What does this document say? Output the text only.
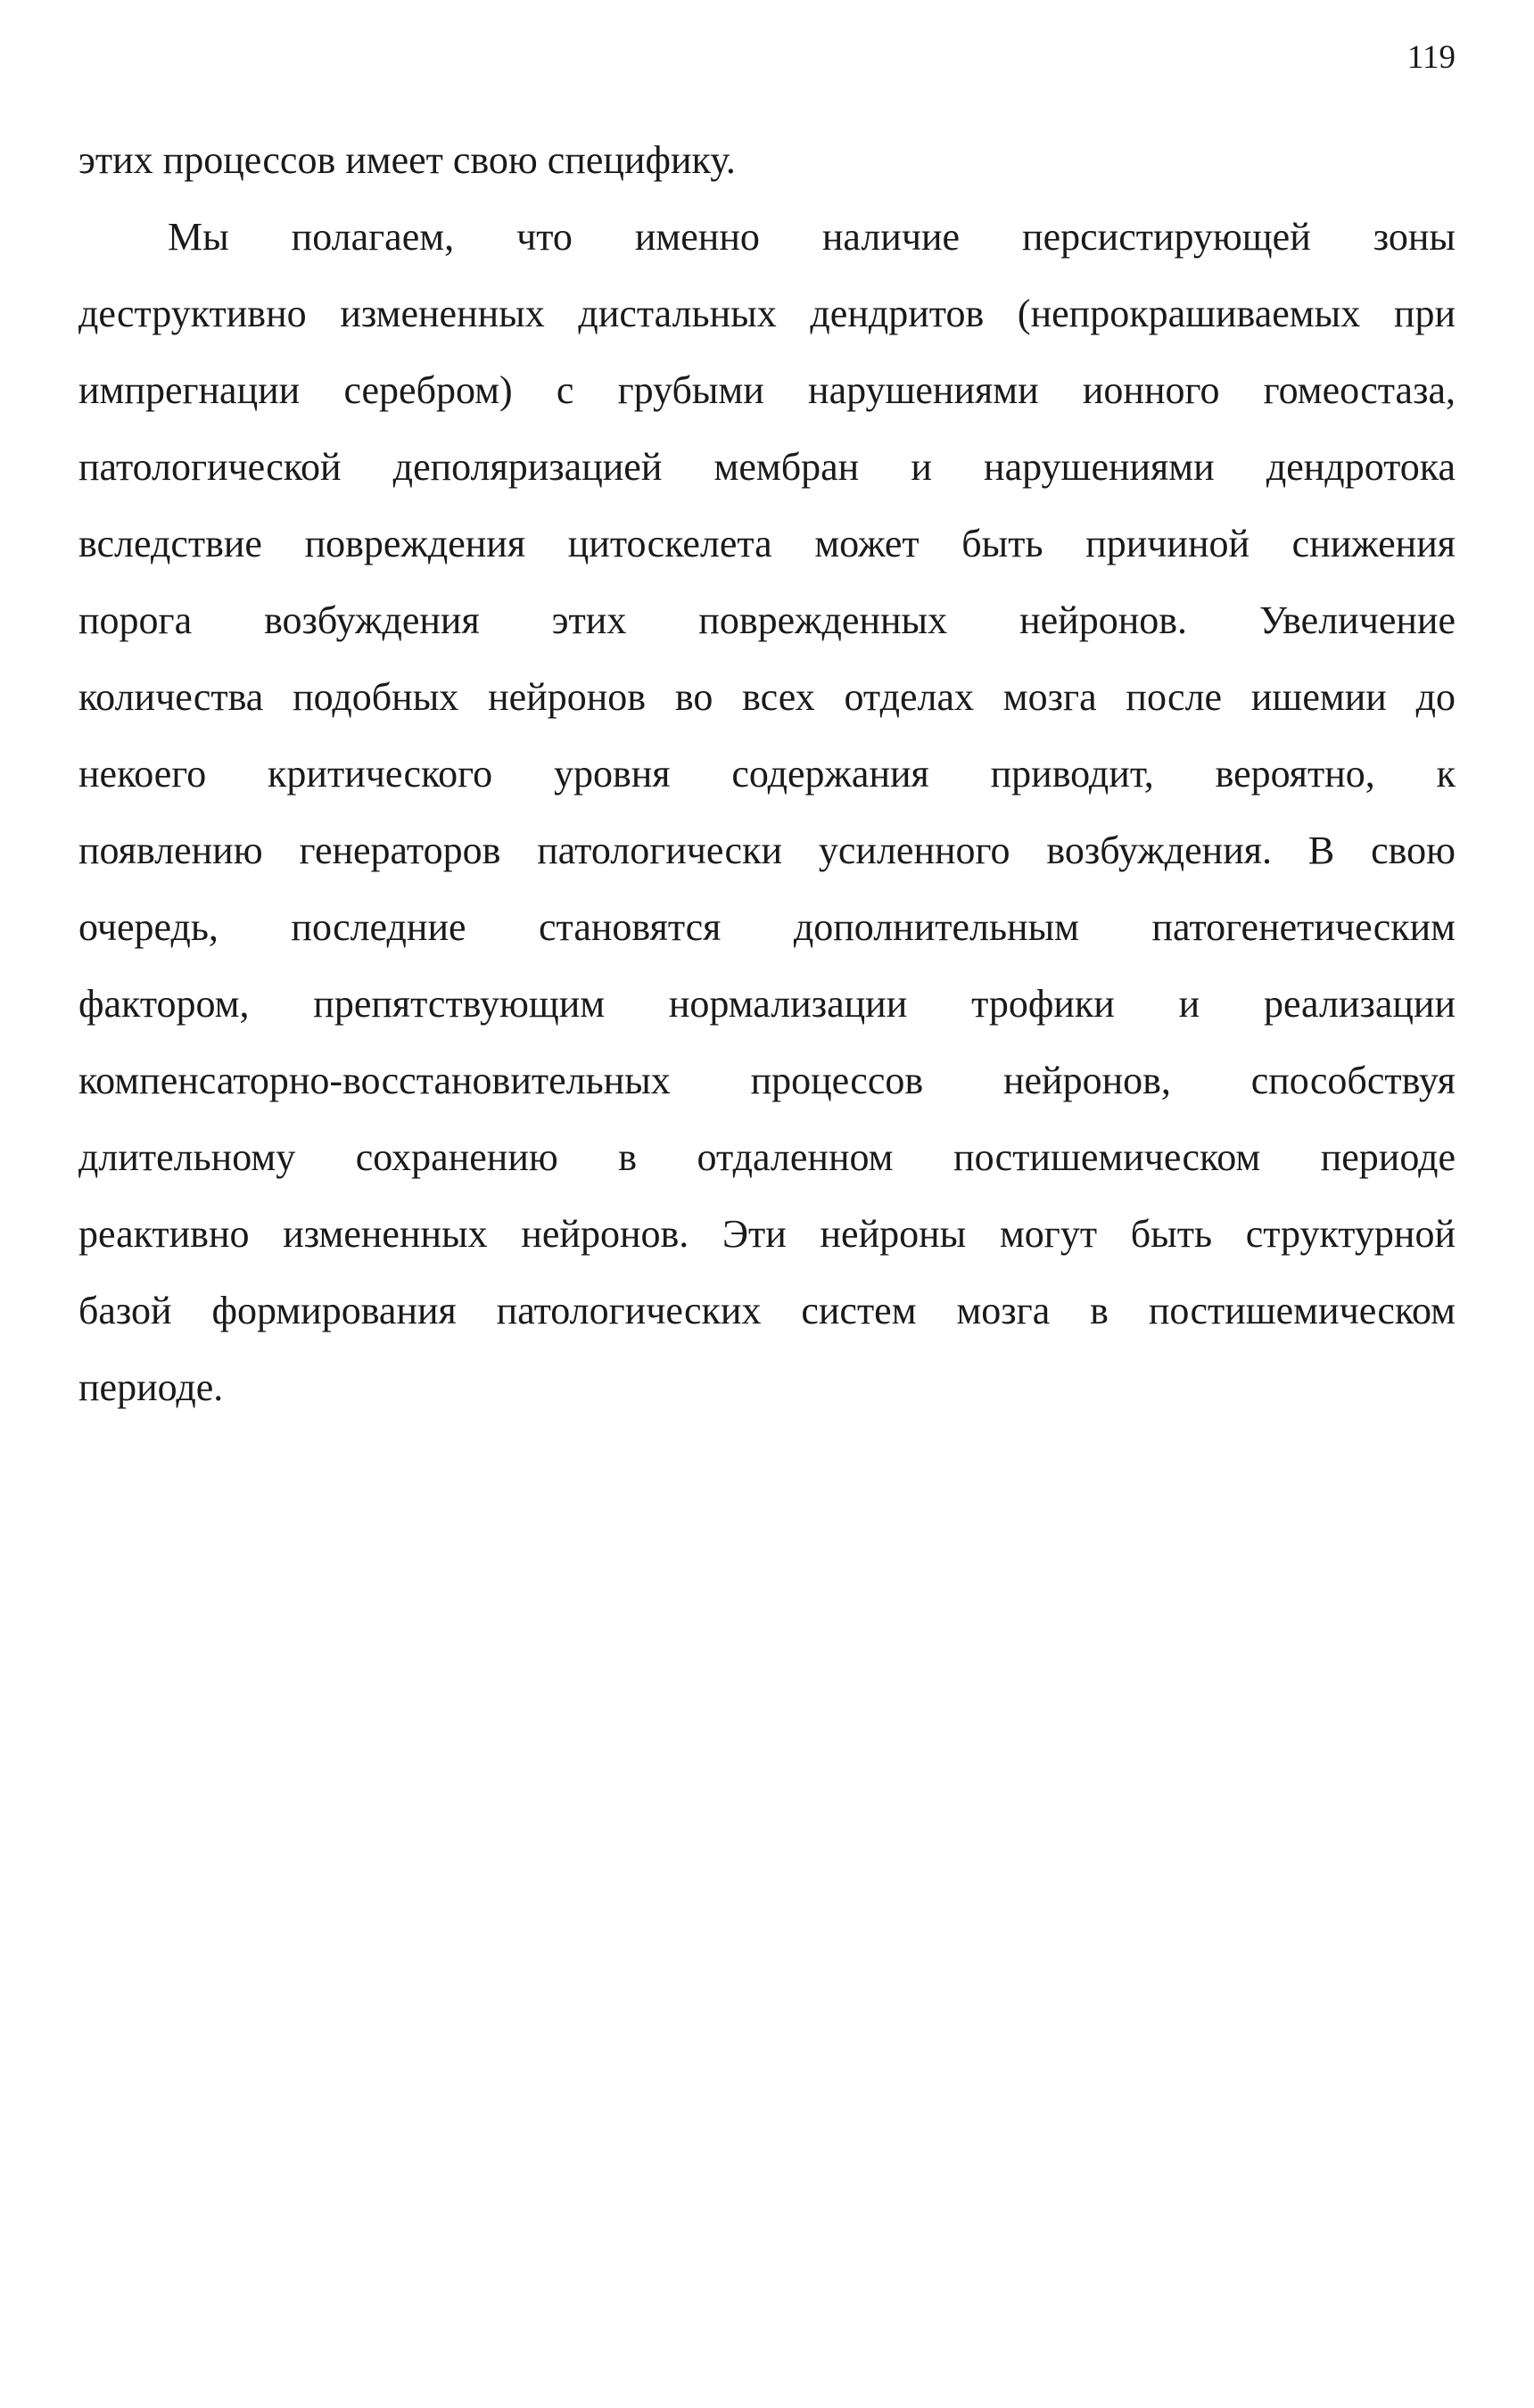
119

этих процессов имеет свою специфику.

Мы полагаем, что именно наличие персистирующей зоны

деструктивно измененных дистальных дендритов (непрокрашиваемых при

импрегнации серебром) с грубыми нарушениями ионного гомеостаза,

патологической деполяризацией мембран и нарушениями дендротока

вследствие повреждения цитоскелета может быть причиной снижения

порога возбуждения этих поврежденных нейронов. Увеличение

количества подобных нейронов во всех отделах мозга после ишемии до

некоего критического уровня содержания приводит, вероятно, к

появлению генераторов патологически усиленного возбуждения. В свою

очередь, последние становятся дополнительным патогенетическим

фактором, препятствующим нормализации трофики и реализации

компенсаторно-восстановительных процессов нейронов, способствуя

длительному сохранению в отдаленном постишемическом периоде

реактивно измененных нейронов. Эти нейроны могут быть структурной

базой формирования патологических систем мозга в постишемическом

периоде.
